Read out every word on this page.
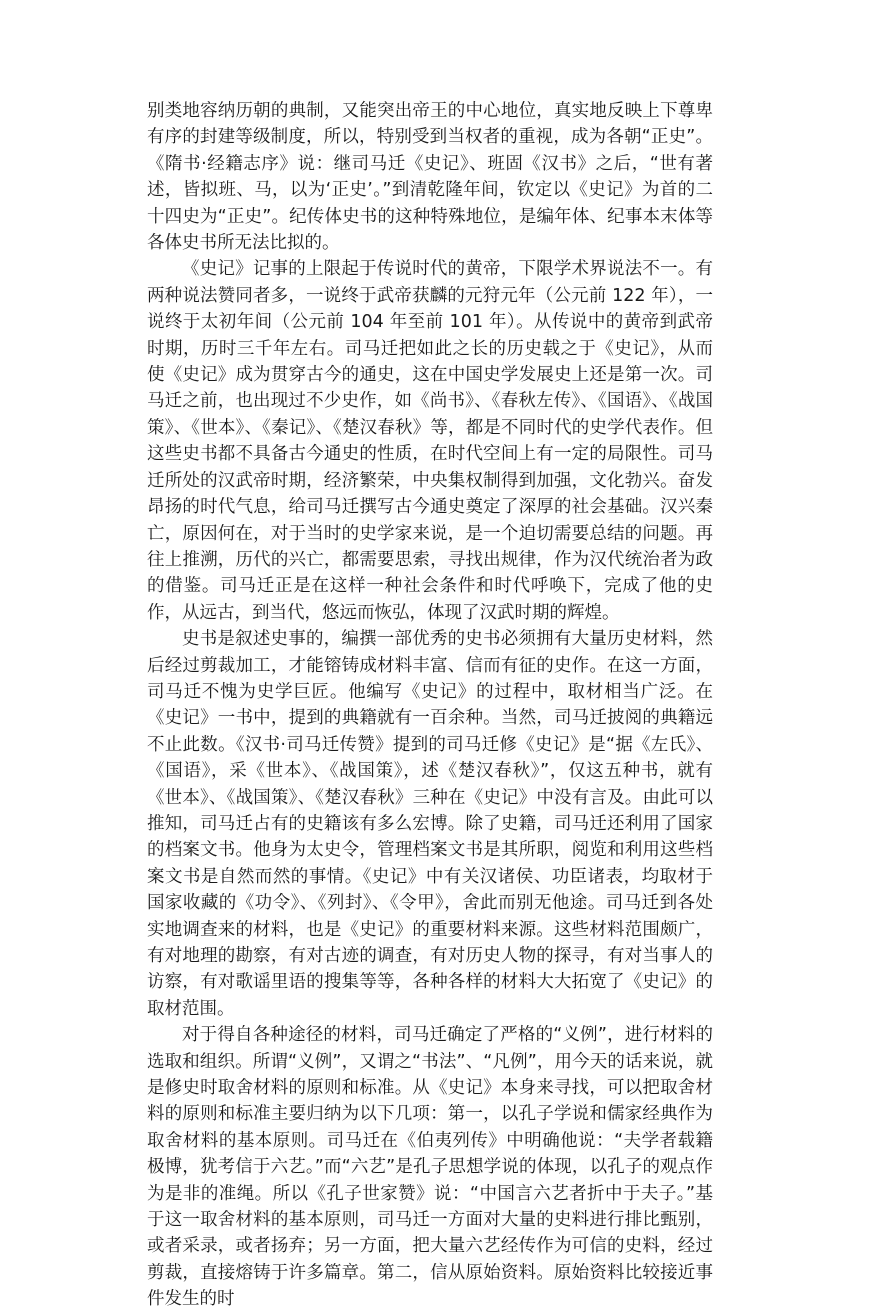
别类地容纳历朝的典制，又能突出帝王的中心地位，真实地反映上下尊卑有序的封建等级制度，所以，特别受到当权者的重视，成为各朝“正史”。《隋书·经籍志序》说：继司马迁《史记》、班固《汉书》之后，“世有著述，皆拟班、马，以为‘正史’。”到清乾隆年间，钦定以《史记》为首的二十四史为“正史”。纪传体史书的这种特殊地位，是编年体、纪事本末体等各体史书所无法比拟的。

《史记》记事的上限起于传说时代的黄帝，下限学术界说法不一。有两种说法赞同者多，一说终于武帝获麟的元狩元年（公元前 122 年），一说终于太初年间（公元前 104 年至前 101 年）。从传说中的黄帝到武帝时期，历时三千年左右。司马迁把如此之长的历史载之于《史记》，从而使《史记》成为贯穿古今的通史，这在中国史学发展史上还是第一次。司马迁之前，也出现过不少史作，如《尚书》、《春秋左传》、《国语》、《战国策》、《世本》、《秦记》、《楚汉春秋》等，都是不同时代的史学代表作。但这些史书都不具备古今通史的性质，在时代空间上有一定的局限性。司马迁所处的汉武帝时期，经济繁荣，中央集权制得到加强，文化勃兴。奋发昂扬的时代气息，给司马迁撰写古今通史奠定了深厚的社会基础。汉兴秦亡，原因何在，对于当时的史学家来说，是一个迫切需要总结的问题。再往上推溯，历代的兴亡，都需要思索，寻找出规律，作为汉代统治者为政的借鉴。司马迁正是在这样一种社会条件和时代呼唤下，完成了他的史作，从远古，到当代，悠远而恢弘，体现了汉武时期的辉煌。

史书是叙述史事的，编撰一部优秀的史书必须拥有大量历史材料，然后经过剪裁加工，才能镕铸成材料丰富、信而有征的史作。在这一方面，司马迁不愧为史学巨匠。他编写《史记》的过程中，取材相当广泛。在《史记》一书中，提到的典籍就有一百余种。当然，司马迁披阅的典籍远不止此数。《汉书·司马迁传赞》提到的司马迁修《史记》是“据《左氏》、《国语》，采《世本》、《战国策》，述《楚汉春秋》”，仅这五种书，就有《世本》、《战国策》、《楚汉春秋》三种在《史记》中没有言及。由此可以推知，司马迁占有的史籍该有多么宏博。除了史籍，司马迁还利用了国家的档案文书。他身为太史令，管理档案文书是其所职，阅览和利用这些档案文书是自然而然的事情。《史记》中有关汉诸侯、功臣诸表，均取材于国家收藏的《功令》、《列封》、《令甲》，舍此而别无他途。司马迁到各处实地调查来的材料，也是《史记》的重要材料来源。这些材料范围颇广，有对地理的勘察，有对古迹的调查，有对历史人物的探寻，有对当事人的访察，有对歌谣里语的搜集等等，各种各样的材料大大拓宽了《史记》的取材范围。

对于得自各种途径的材料，司马迁确定了严格的“义例”，进行材料的选取和组织。所谓“义例”，又谓之“书法”、“凡例”，用今天的话来说，就是修史时取舍材料的原则和标准。从《史记》本身来寻找，可以把取舍材料的原则和标准主要归纳为以下几项：第一，以孔子学说和儒家经典作为取舍材料的基本原则。司马迁在《伯夷列传》中明确他说：“夫学者载籍极博，犹考信于六艺。”而“六艺”是孔子思想学说的体现，以孔子的观点作为是非的准绳。所以《孔子世家赞》说：“中国言六艺者折中于夫子。”基于这一取舍材料的基本原则，司马迁一方面对大量的史料进行排比甄别，或者采录，或者扬弃；另一方面，把大量六艺经传作为可信的史料，经过剪裁，直接熔铸于许多篇章。第二，信从原始资料。原始资料比较接近事件发生的时
